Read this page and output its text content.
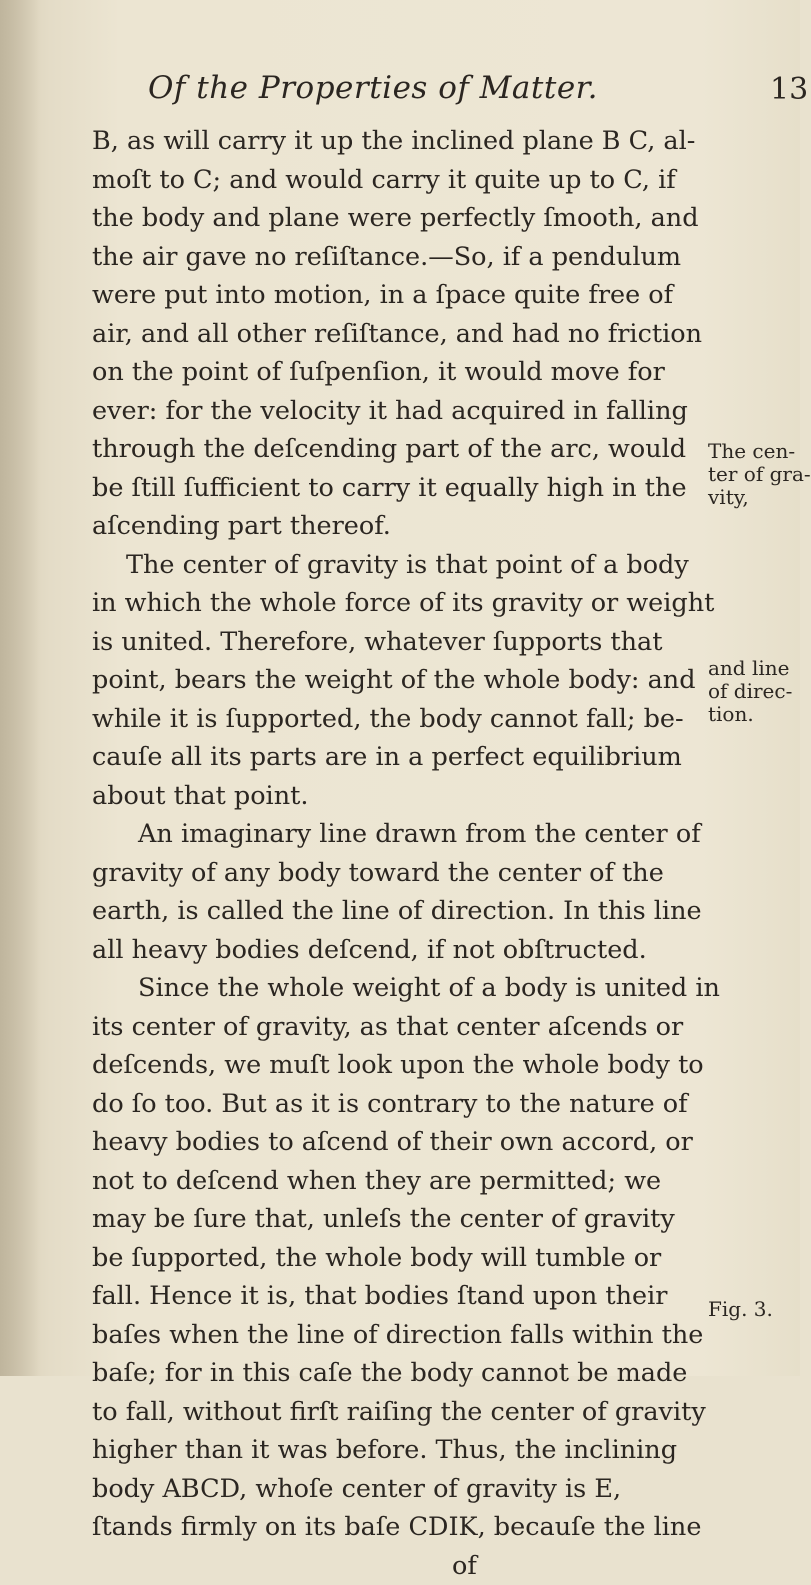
Of the Properties of Matter.	13
B, as will carry it up the inclined plane B C, al-
moſt to C; and would carry it quite up to C, if
the body and plane were perfectly ſmooth, and
the air gave no reſiſtance.—So, if a pendulum
were put into motion, in a ſpace quite free of
air, and all other reſiſtance, and had no friction
on the point of ſuſpenſion, it would move for
ever: for the velocity it had acquired in falling
through the deſcending part of the arc, would
be ſtill ſufficient to carry it equally high in the
aſcending part thereof.
The center of gravity is that point of a body
in which the whole force of its gravity or weight
is united. Therefore, whatever ſupports that
point, bears the weight of the whole body: and
while it is ſupported, the body cannot fall; be-
cauſe all its parts are in a perfect equilibrium
about that point.
An imaginary line drawn from the center of
gravity of any body toward the center of the
earth, is called the line of direction. In this line
all heavy bodies deſcend, if not obſtructed.
Since the whole weight of a body is united in
its center of gravity, as that center aſcends or
deſcends, we muſt look upon the whole body to
do ſo too. But as it is contrary to the nature of
heavy bodies to aſcend of their own accord, or
not to deſcend when they are permitted; we
may be ſure that, unleſs the center of gravity
be ſupported, the whole body will tumble or
fall. Hence it is, that bodies ſtand upon their
baſes when the line of direction falls within the
baſe; for in this caſe the body cannot be made
to fall, without firſt raiſing the center of gravity
higher than it was before. Thus, the inclining
body ABCD, whoſe center of gravity is E,
ſtands firmly on its baſe CDIK, becauſe the line
of
The cen-
ter of gra-
vity,
and line
of direc-
tion.
Fig. 3.
